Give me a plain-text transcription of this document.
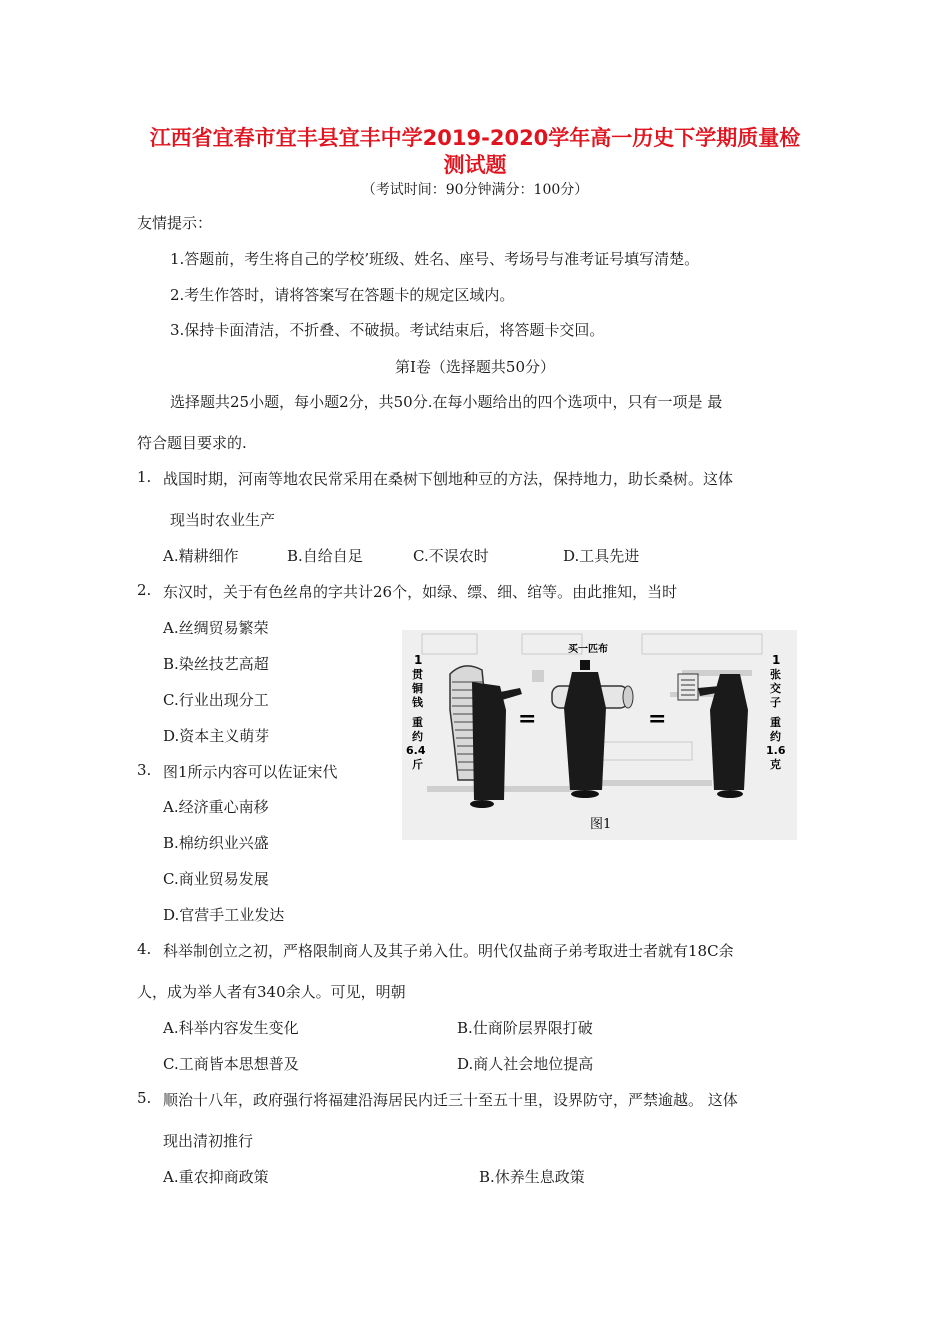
江西省宜春市宜丰县宜丰中学2019-2020学年高一历史下学期质量检
测试题
（考试时间：90分钟满分：100分）
友情提示：
1.答题前，考生将自己的学校’班级、姓名、座号、考场号与准考证号填写清楚。
2.考生作答时，请将答案写在答题卡的规定区域内。
3.保持卡面清洁，不折叠、不破损。考试结束后，将答题卡交回。
第Ⅰ卷（选择题共50分）
选择题共25小题，每小题2分，共50分.在每小题给出的四个选项中，只有一项是 最
符合题目要求的.
1. 战国时期，河南等地农民常采用在桑树下刨地种豆的方法，保持地力，助长桑树。这体
现当时农业生产
A.精耕细作	B.自给自足	C.不误农时	D.工具先进
2. 东汉时，关于有色丝帛的字共计26个，如绿、缥、细、绾等。由此推知，当时
A.丝绸贸易繁荣
B.染丝技艺高超
C.行业出现分工
D.资本主义萌芽
3. 图1所示内容可以佐证宋代
A.经济重心南移
B.棉纺织业兴盛
C.商业贸易发展
D.官营手工业发达
1
贯
铜
钱
重
约
6.4
斤
=
买一匹布
=
1
张
交
子
重
约
1.6
克
图1
4. 科举制创立之初，严格限制商人及其子弟入仕。明代仅盐商子弟考取进士者就有18C余
人，成为举人者有340余人。可见，明朝
A.科举内容发生变化	B.仕商阶层界限打破
C.工商皆本思想普及	D.商人社会地位提高
5. 顺治十八年，政府强行将福建沿海居民内迁三十至五十里，设界防守，严禁逾越。 这体
现出清初推行
A.重农抑商政策	B.休养生息政策
